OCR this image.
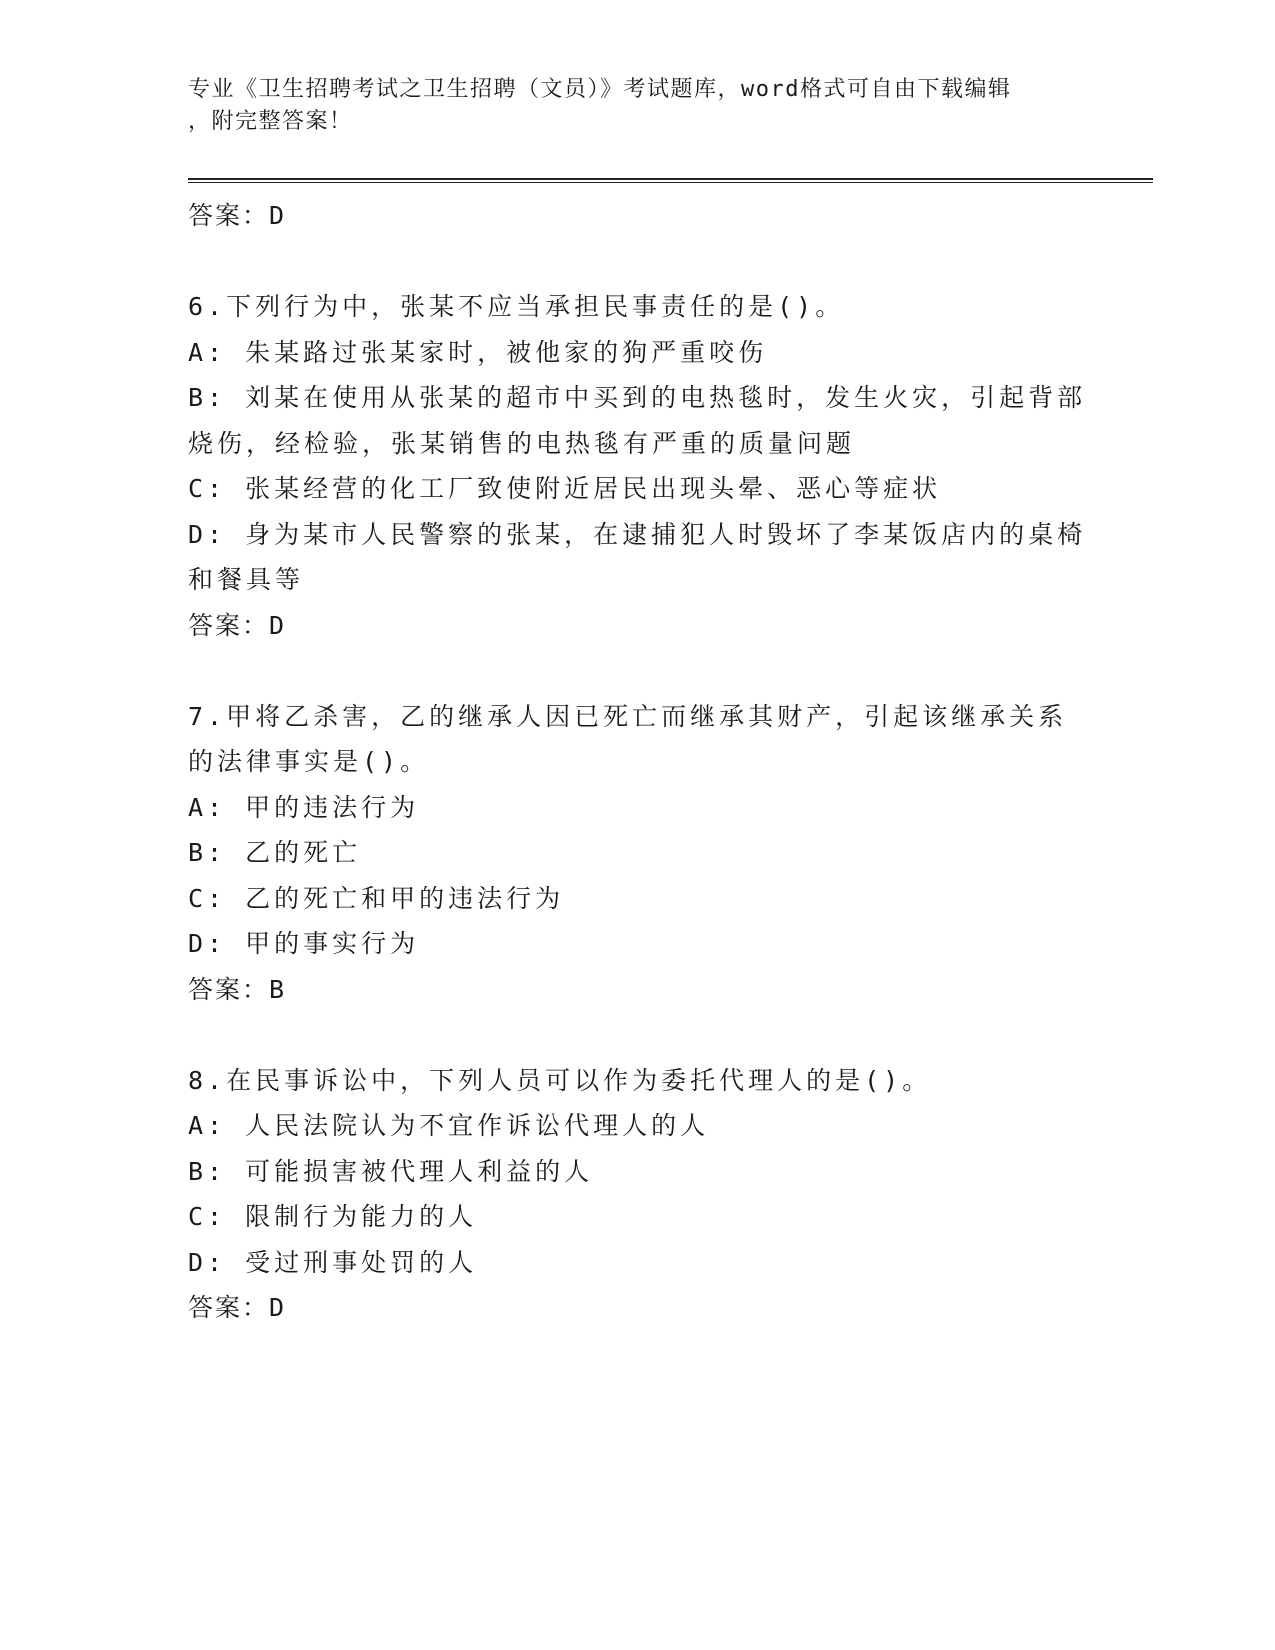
专业《卫生招聘考试之卫生招聘（文员）》考试题库，word格式可自由下载编辑
，附完整答案！

答案：D

6.下列行为中，张某不应当承担民事责任的是()。

A: 朱某路过张某家时，被他家的狗严重咬伤

B: 刘某在使用从张某的超市中买到的电热毯时，发生火灾，引起背部

烧伤，经检验，张某销售的电热毯有严重的质量问题

C: 张某经营的化工厂致使附近居民出现头晕、恶心等症状

D: 身为某市人民警察的张某，在逮捕犯人时毁坏了李某饭店内的桌椅

和餐具等

答案：D

7.甲将乙杀害，乙的继承人因已死亡而继承其财产，引起该继承关系

的法律事实是()。

A: 甲的违法行为

B: 乙的死亡

C: 乙的死亡和甲的违法行为

D: 甲的事实行为

答案：B

8.在民事诉讼中，下列人员可以作为委托代理人的是()。

A: 人民法院认为不宜作诉讼代理人的人

B: 可能损害被代理人利益的人

C: 限制行为能力的人

D: 受过刑事处罚的人

答案：D
